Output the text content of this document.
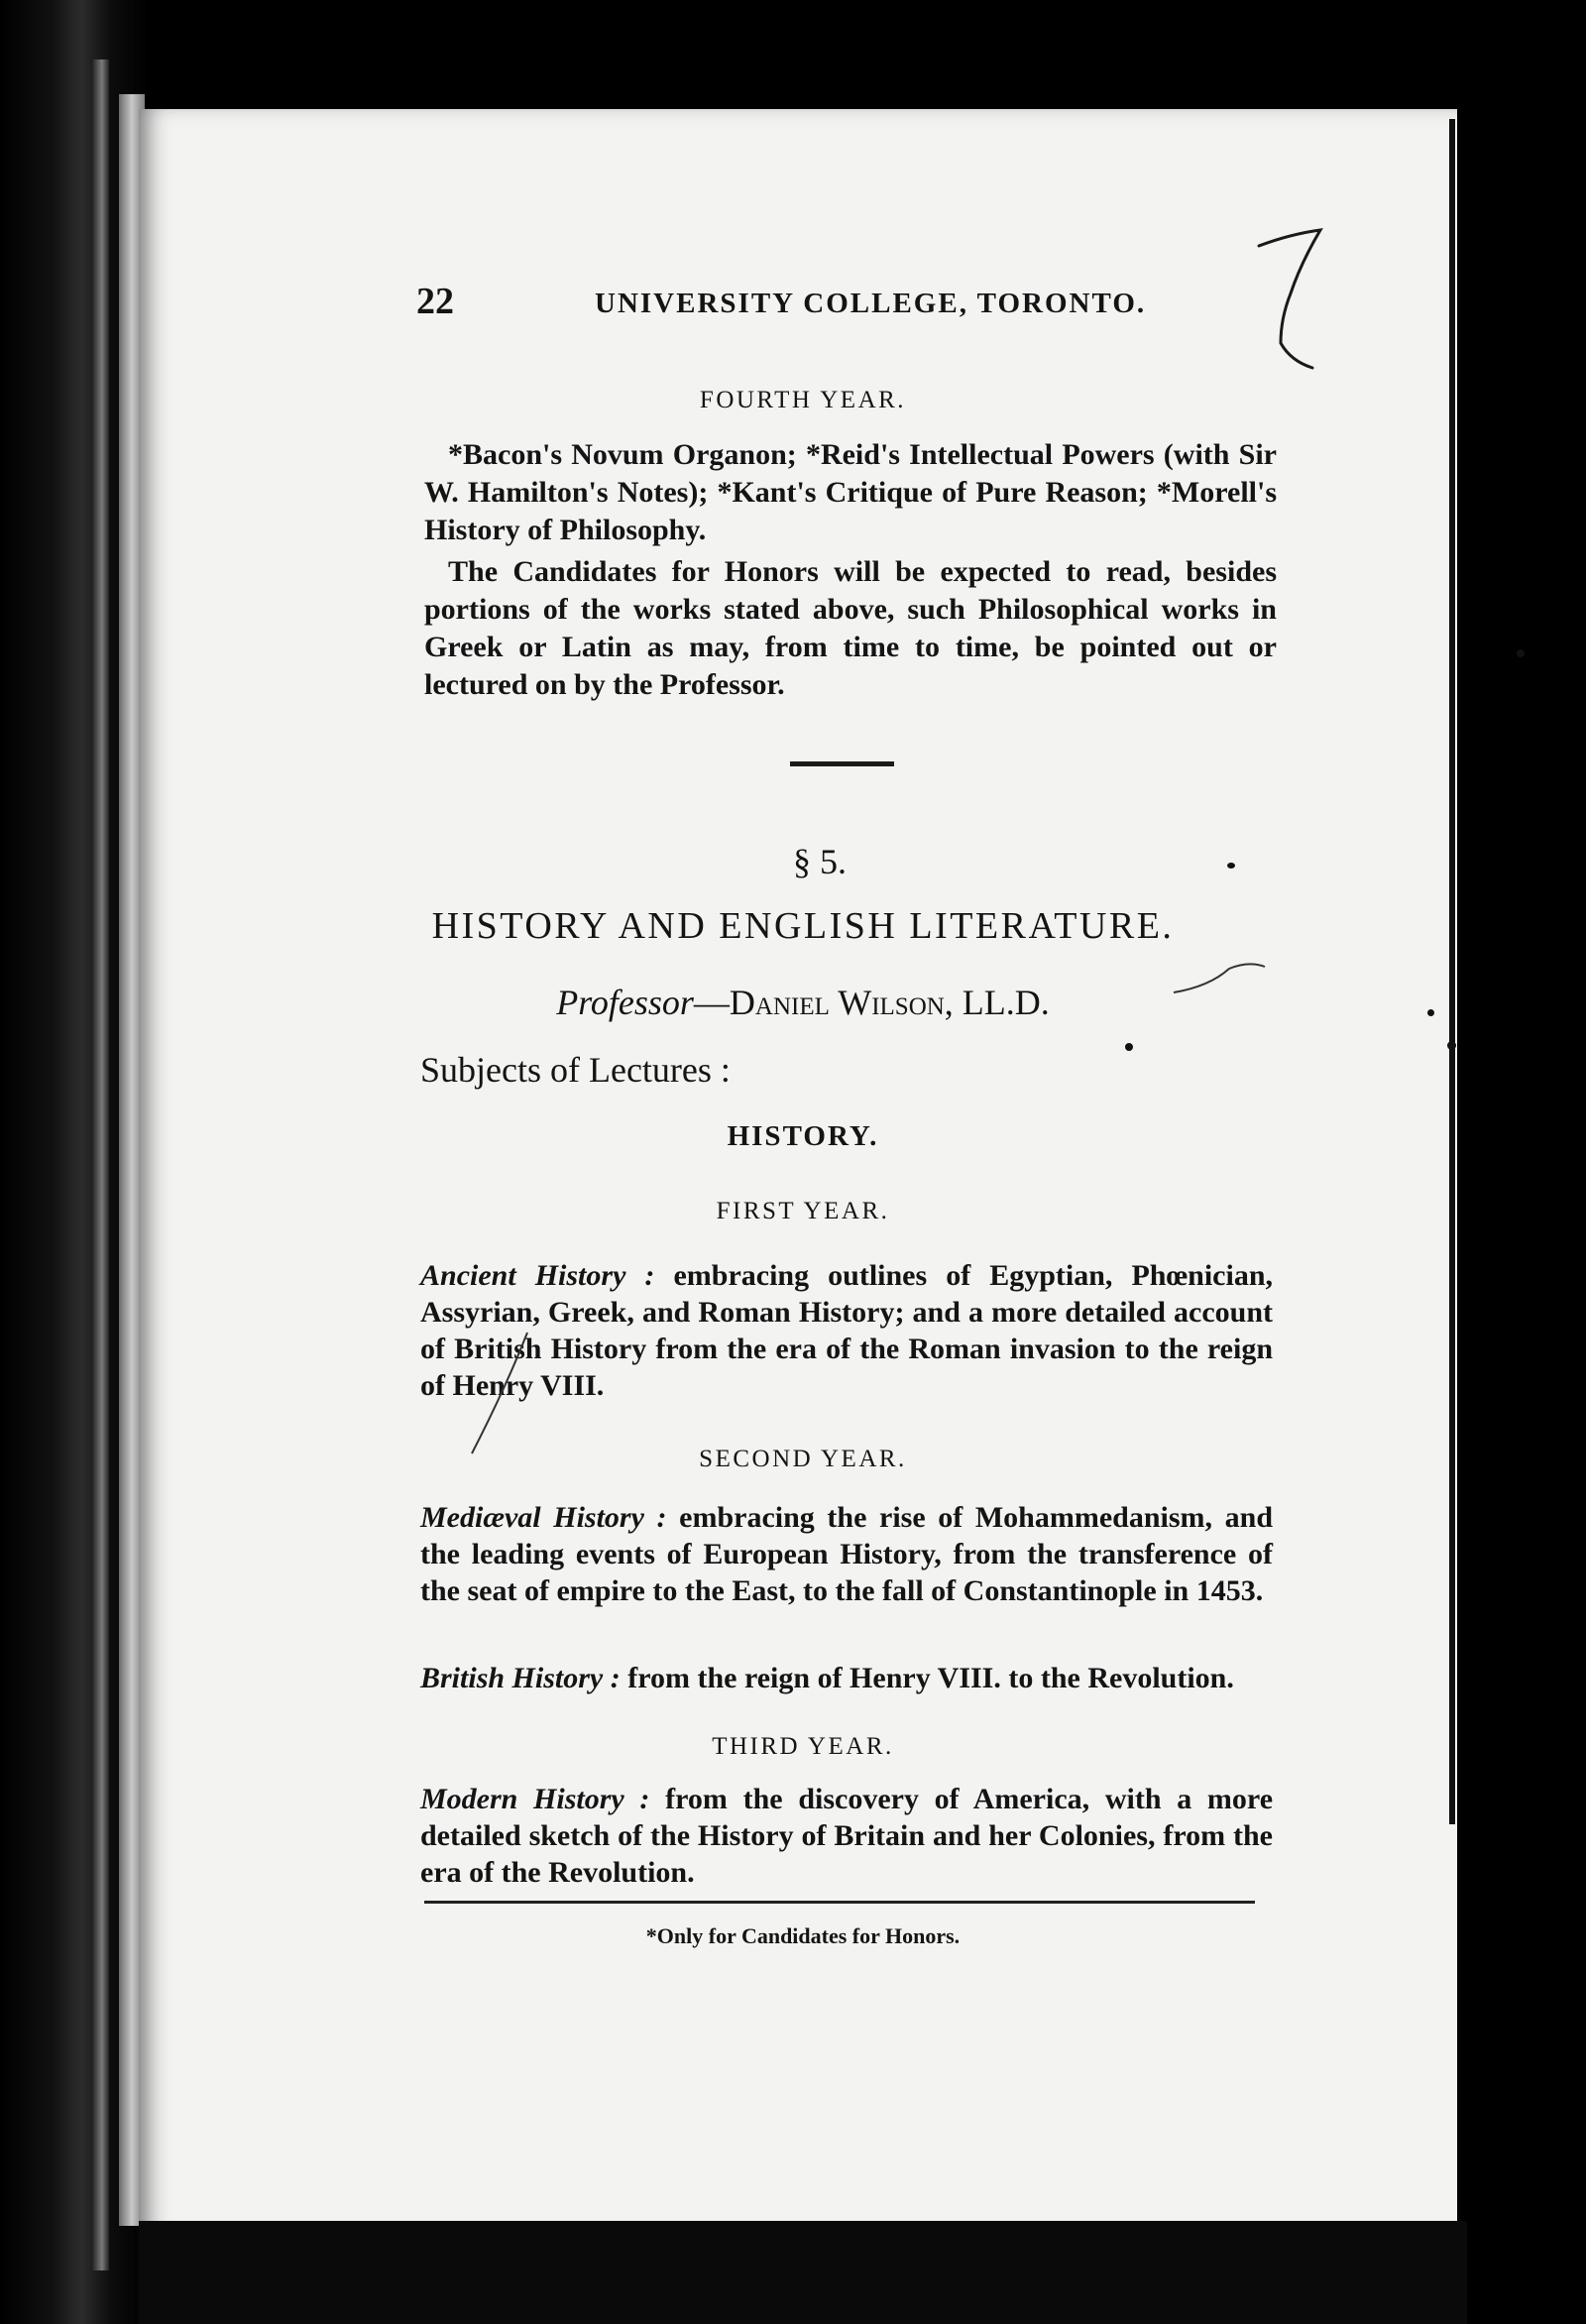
22	UNIVERSITY COLLEGE, TORONTO.
FOURTH YEAR.

*Bacon's Novum Organon; *Reid's Intellectual Powers (with Sir W. Hamilton's Notes); *Kant's Critique of Pure Reason; *Morell's History of Philosophy.

The Candidates for Honors will be expected to read, besides portions of the works stated above, such Philosophical works in Greek or Latin as may, from time to time, be pointed out or lectured on by the Professor.

§ 5.
HISTORY AND ENGLISH LITERATURE.
Professor—Daniel Wilson, LL.D.
Subjects of Lectures :
HISTORY.
FIRST YEAR.
Ancient History : embracing outlines of Egyptian, Phœnician, Assyrian, Greek, and Roman History; and a more detailed account of British History from the era of the Roman invasion to the reign of Henry VIII.
SECOND YEAR.
Mediæval History : embracing the rise of Mohammedanism, and the leading events of European History, from the transference of the seat of empire to the East, to the fall of Constantinople in 1453.
British History : from the reign of Henry VIII. to the Revolution.
THIRD YEAR.
Modern History : from the discovery of America, with a more detailed sketch of the History of Britain and her Colonies, from the era of the Revolution.
*Only for Candidates for Honors.
